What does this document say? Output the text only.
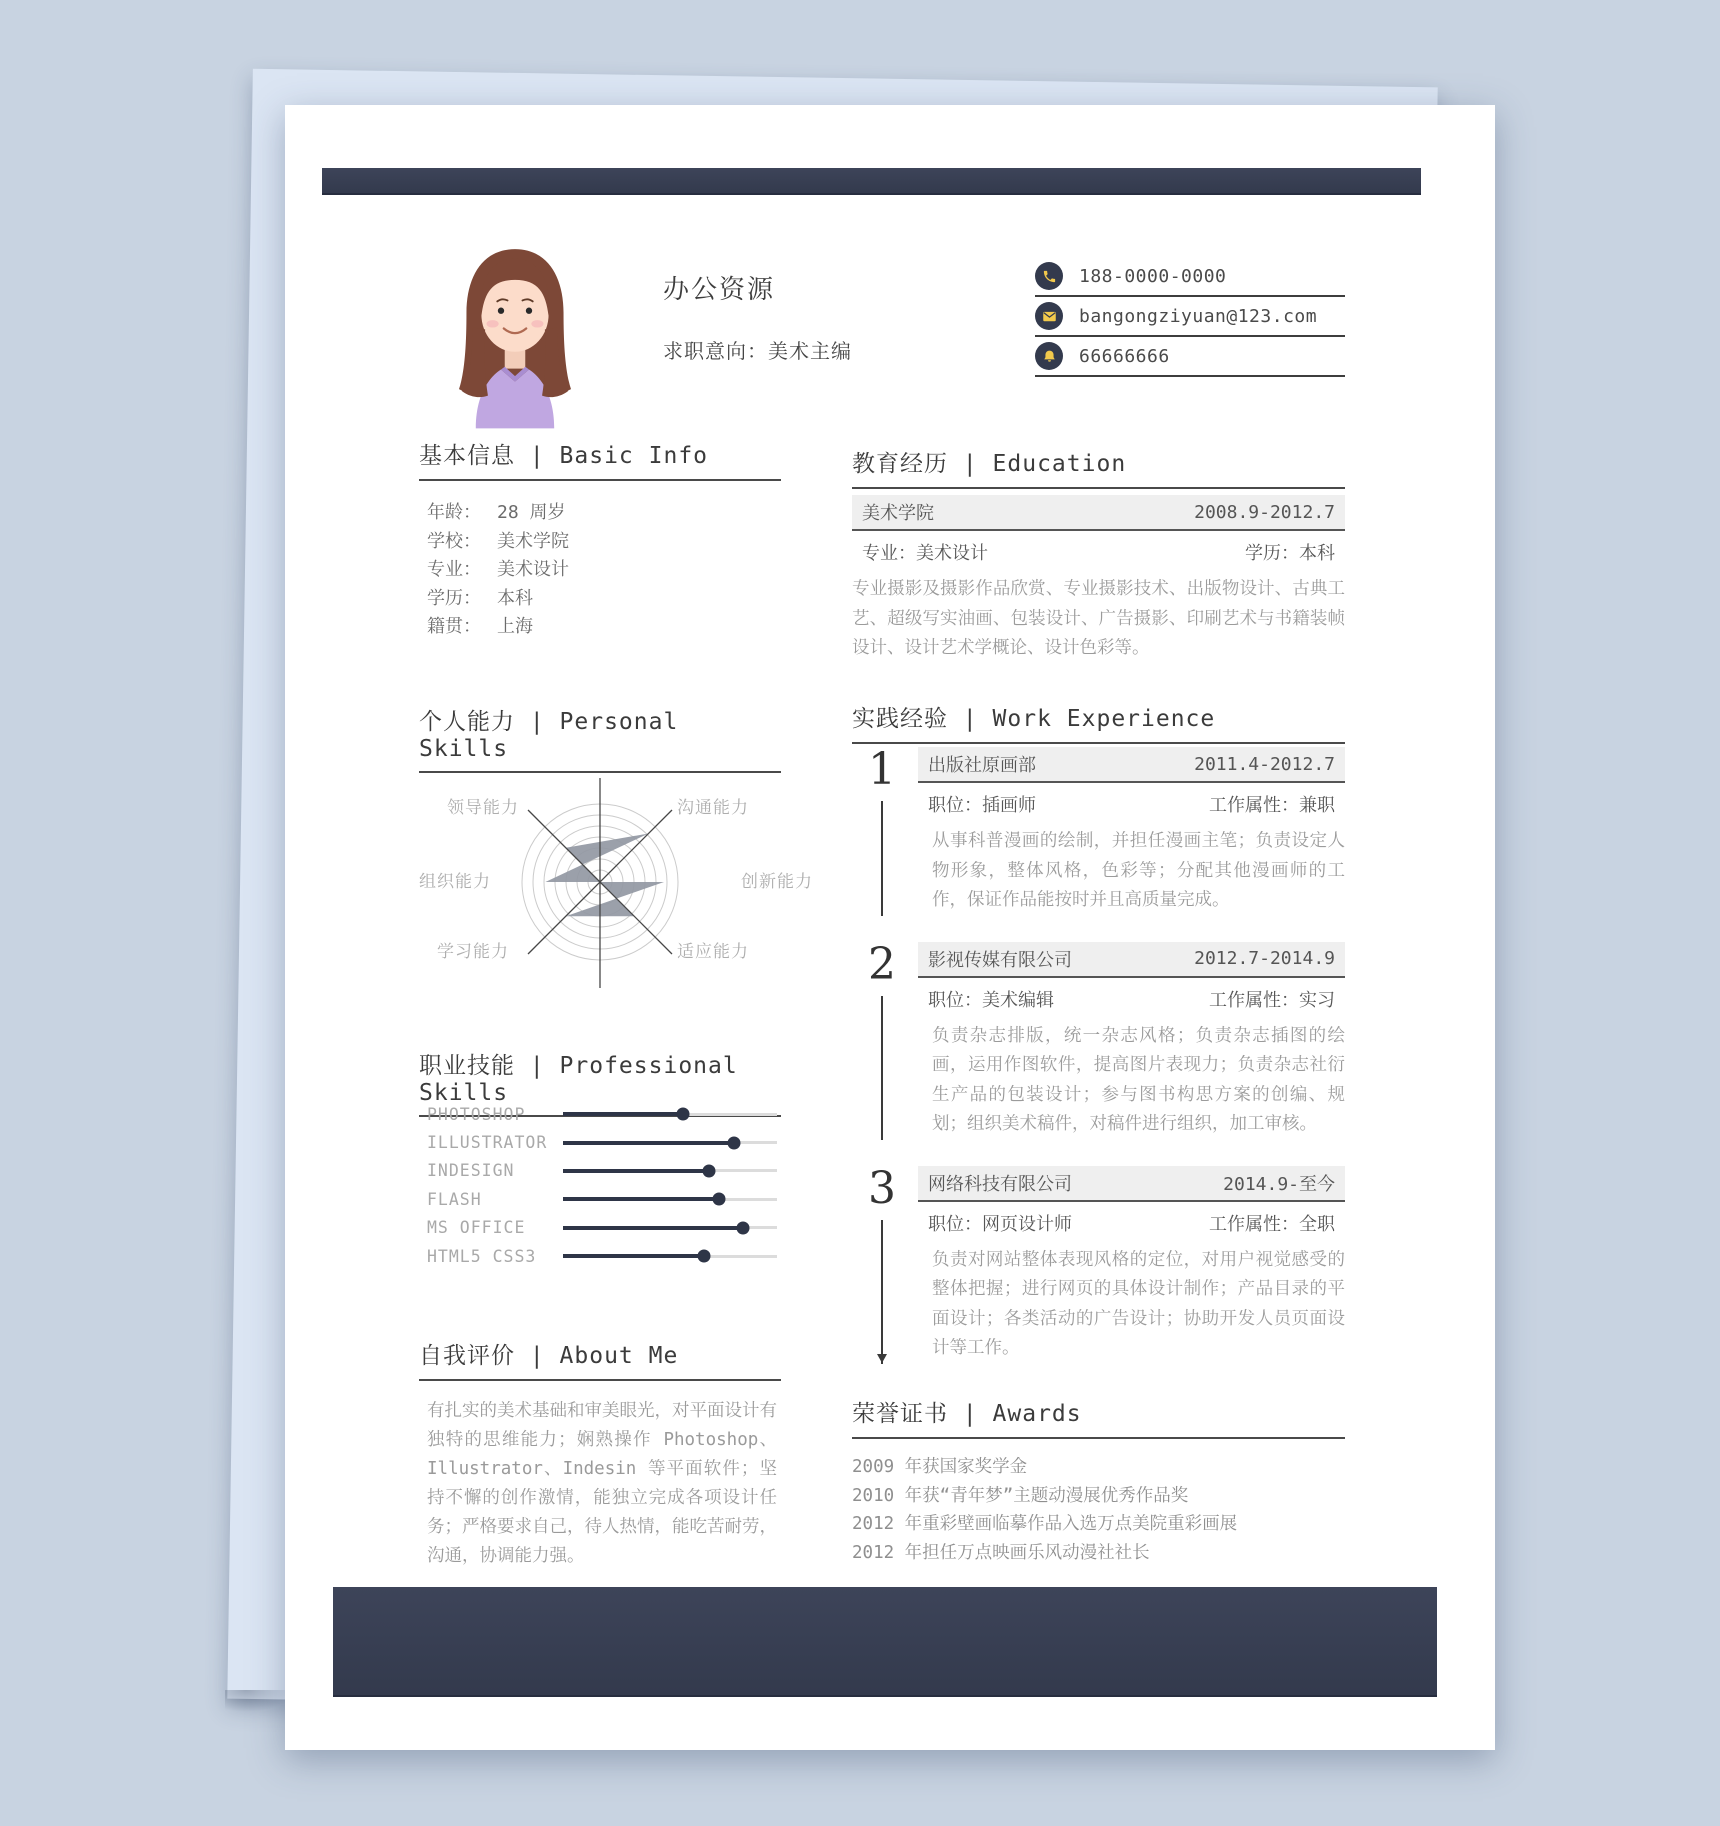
办公资源
求职意向：美术主编
188-0000-0000
bangongziyuan@123.com
66666666
基本信息 | Basic Info
年龄： 28 周岁
学校： 美术学院
专业： 美术设计
学历： 本科
籍贯： 上海
个人能力 | Personal Skills
领导能力	沟通能力
组织能力	创新能力
学习能力	适应能力
职业技能 | Professional Skills
PHOTOSHOP
ILLUSTRATOR
INDESIGN
FLASH
MS OFFICE
HTML5 CSS3
自我评价 | About Me

有扎实的美术基础和审美眼光，对平面设计有独特的思维能力；娴熟操作 Photoshop、Illustrator、Indesin 等平面软件；坚持不懈的创作激情，能独立完成各项设计任务；严格要求自己，待人热情，能吃苦耐劳，沟通，协调能力强。

教育经历 | Education
美术学院	2008.9-2012.7
专业：美术设计	学历：本科

专业摄影及摄影作品欣赏、专业摄影技术、出版物设计、古典工艺、超级写实油画、包装设计、广告摄影、印刷艺术与书籍装帧设计、设计艺术学概论、设计色彩等。

实践经验 | Work Experience
1 出版社原画部	2011.4-2012.7
职位：插画师	工作属性：兼职

从事科普漫画的绘制，并担任漫画主笔；负责设定人物形象，整体风格，色彩等；分配其他漫画师的工作，保证作品能按时并且高质量完成。

2 影视传媒有限公司	2012.7-2014.9
职位：美术编辑	工作属性：实习

负责杂志排版，统一杂志风格；负责杂志插图的绘画，运用作图软件，提高图片表现力；负责杂志社衍生产品的包装设计；参与图书构思方案的创编、规划；组织美术稿件，对稿件进行组织，加工审核。

3 网络科技有限公司	2014.9-至今
职位：网页设计师	工作属性：全职

负责对网站整体表现风格的定位，对用户视觉感受的整体把握；进行网页的具体设计制作；产品目录的平面设计；各类活动的广告设计；协助开发人员页面设计等工作。

荣誉证书 | Awards
2009 年获国家奖学金
2010 年获“青年梦”主题动漫展优秀作品奖
2012 年重彩壁画临摹作品入选万点美院重彩画展
2012 年担任万点映画乐风动漫社社长
